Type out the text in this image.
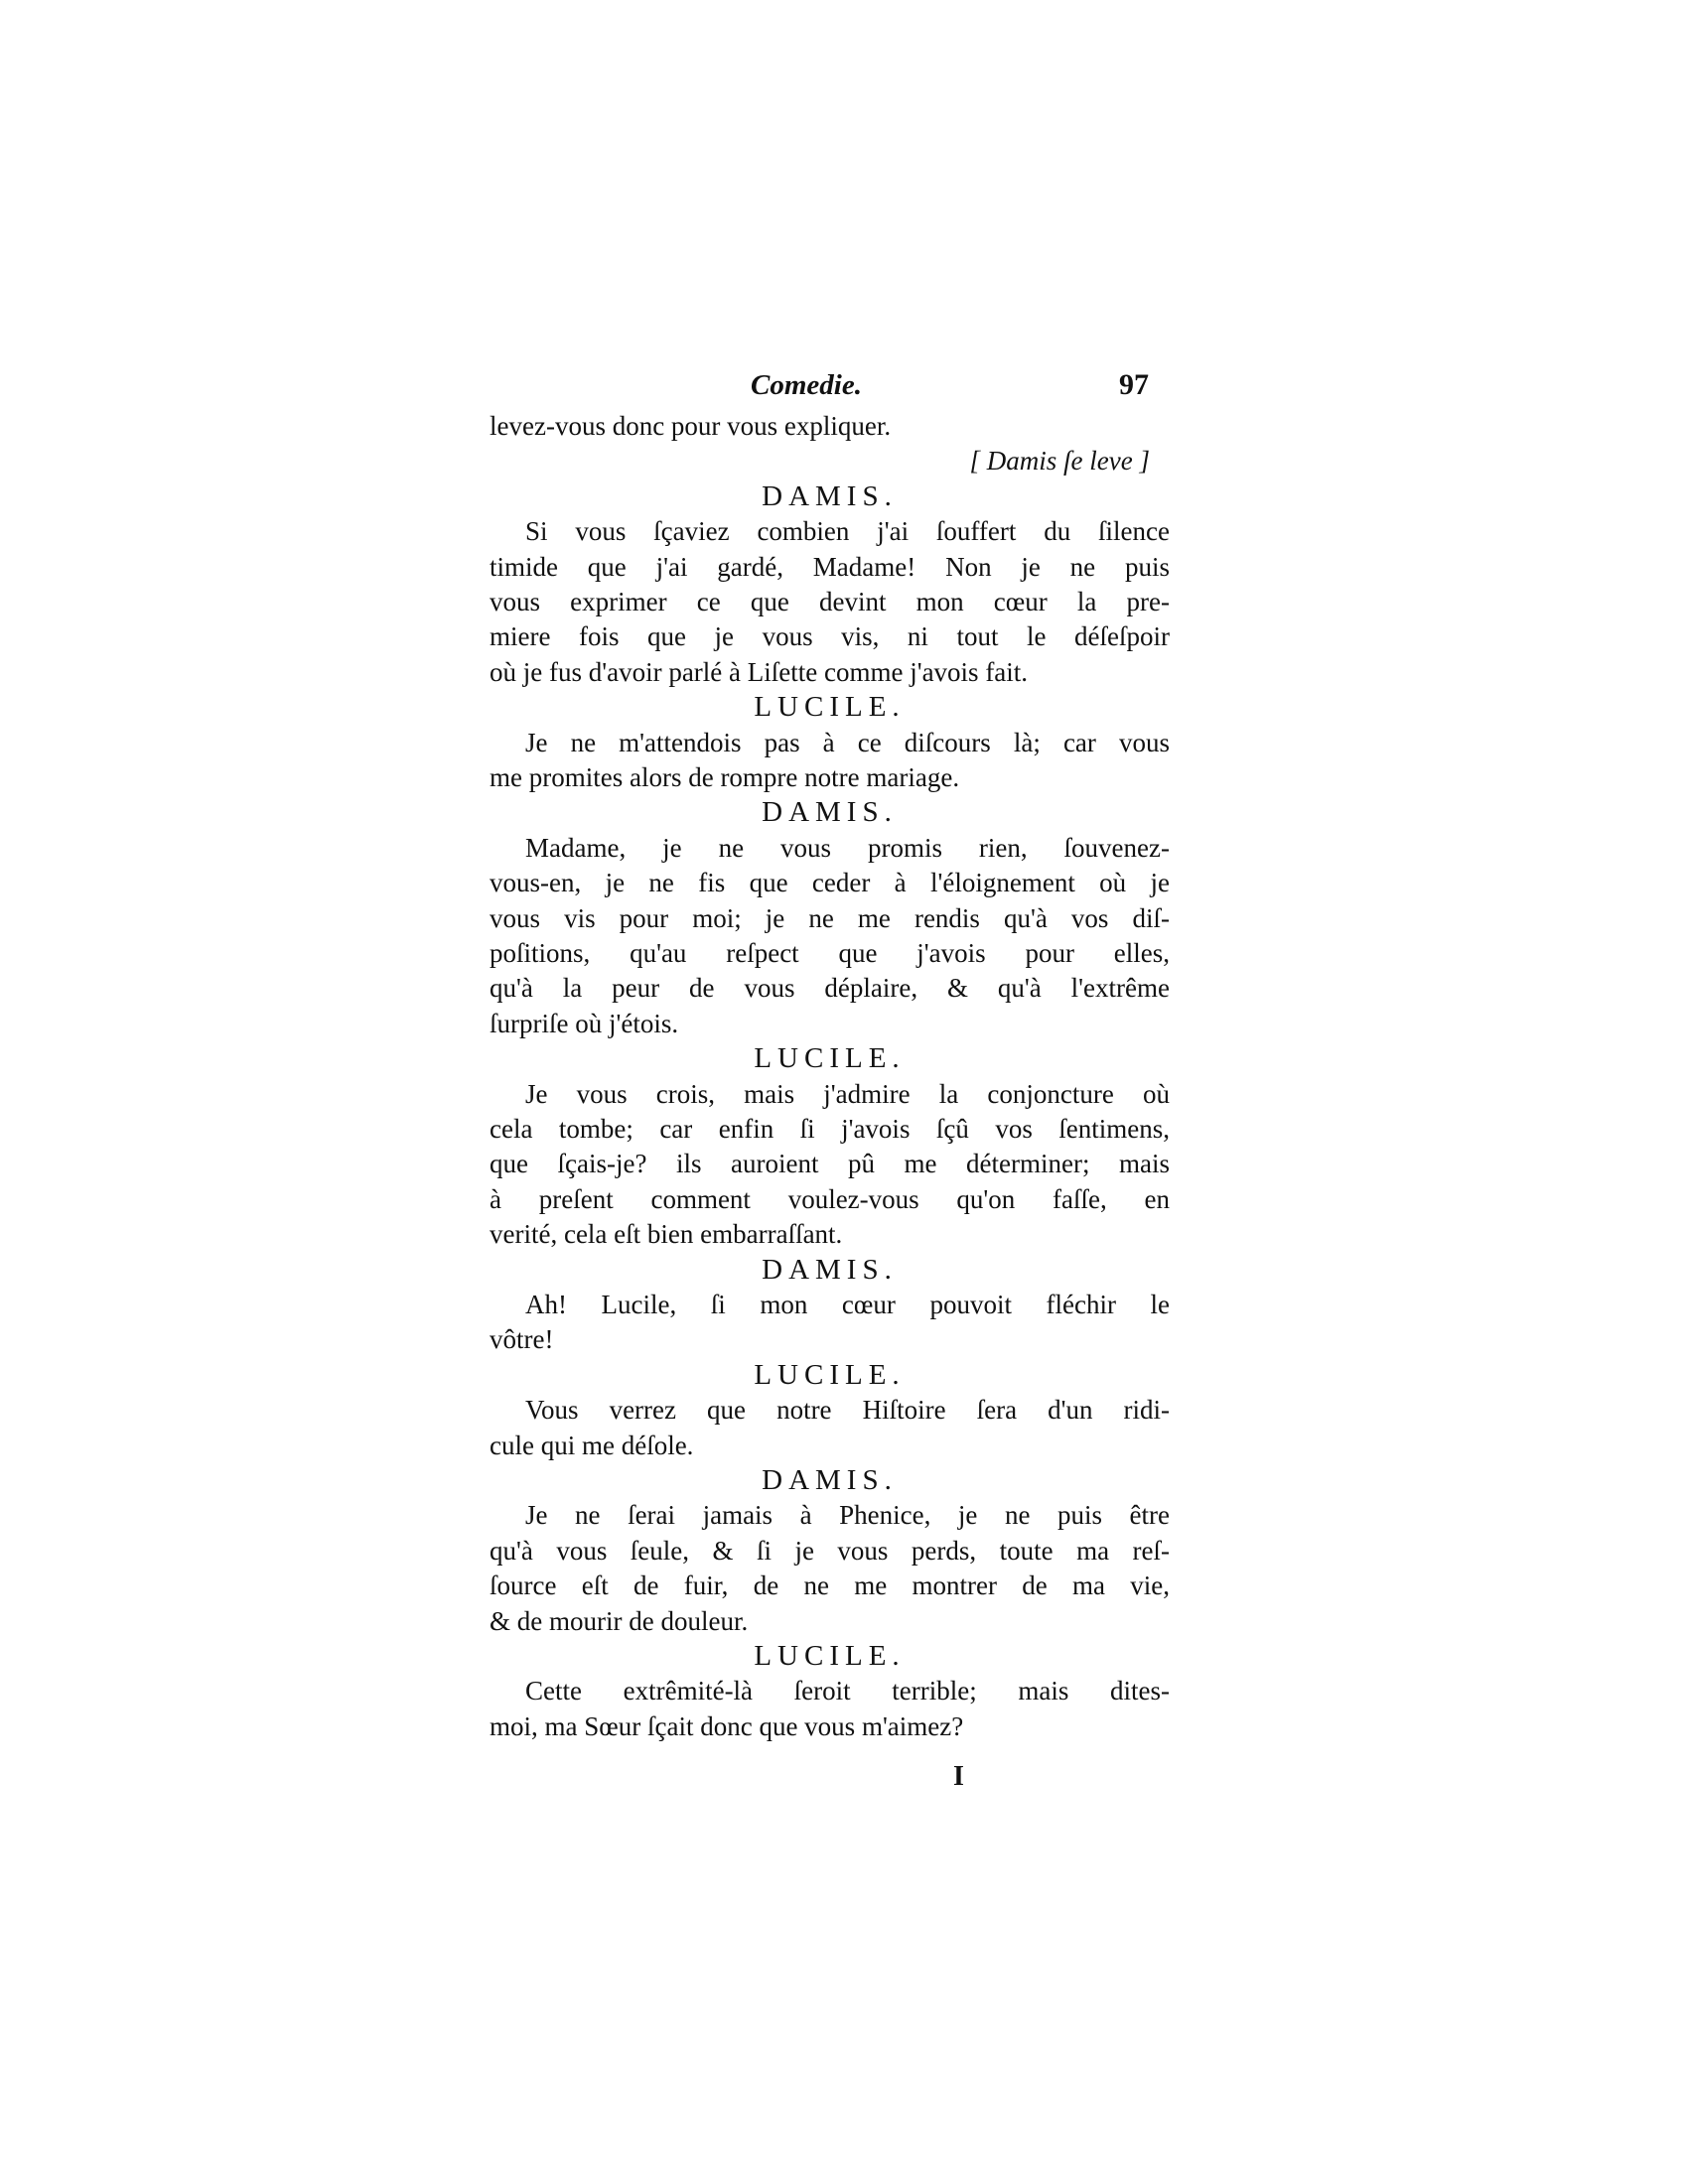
Comedie.	97
levez-vous donc pour vous expliquer.
[ Damis ſe leve ]
DAMIS.
Si vous ſçaviez combien j'ai ſouffert du ſilence
timide que j'ai gardé, Madame! Non je ne puis
vous exprimer ce que devint mon cœur la pre-
miere fois que je vous vis, ni tout le déſeſpoir
où je fus d'avoir parlé à Liſette comme j'avois fait.
LUCILE.
Je ne m'attendois pas à ce diſcours là; car vous
me promites alors de rompre notre mariage.
DAMIS.
Madame, je ne vous promis rien, ſouvenez-
vous-en, je ne fis que ceder à l'éloignement où je
vous vis pour moi; je ne me rendis qu'à vos diſ-
poſitions, qu'au reſpect que j'avois pour elles,
qu'à la peur de vous déplaire, & qu'à l'extrême
ſurpriſe où j'étois.
LUCILE.
Je vous crois, mais j'admire la conjoncture où
cela tombe; car enfin ſi j'avois ſçû vos ſentimens,
que ſçais-je? ils auroient pû me déterminer; mais
à preſent comment voulez-vous qu'on faſſe, en
verité, cela eſt bien embarraſſant.
DAMIS.
Ah! Lucile, ſi mon cœur pouvoit fléchir le
vôtre!
LUCILE.
Vous verrez que notre Hiſtoire ſera d'un ridi-
cule qui me déſole.
DAMIS.
Je ne ſerai jamais à Phenice, je ne puis être
qu'à vous ſeule, & ſi je vous perds, toute ma reſ-
ſource eſt de fuir, de ne me montrer de ma vie,
& de mourir de douleur.
LUCILE.
Cette extrêmité-là ſeroit terrible; mais dites-
moi, ma Sœur ſçait donc que vous m'aimez?
I
